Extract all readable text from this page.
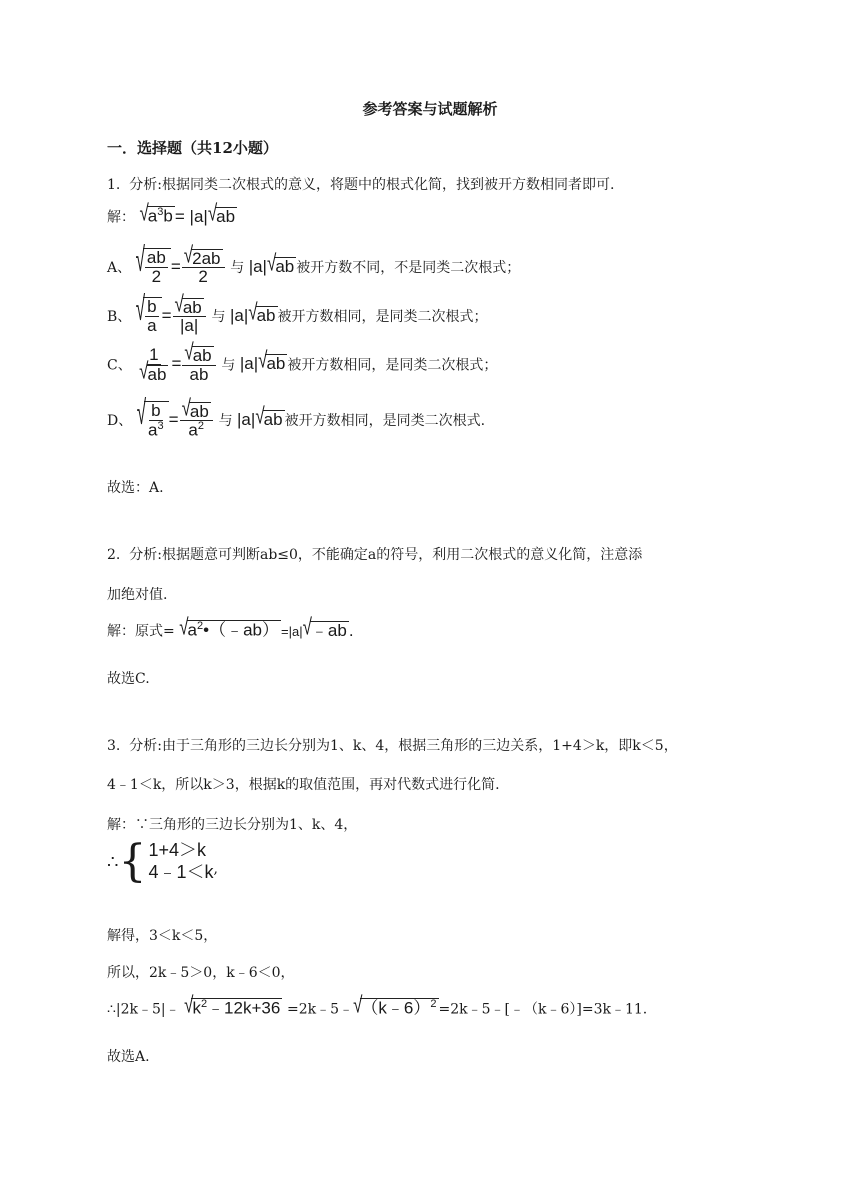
参考答案与试题解析
一．选择题（共12小题）
1.  分析:根据同类二次根式的意义，将题中的根式化简，找到被开方数相同者即可.
解： $√a^3b = |a|√ab$
A、 √ $\frac{ab}{2} = \frac{√2ab}{2}$ 与 |a|√ab 被开方数不同，不是同类二次根式；
B、 √ $\frac{b}{a} = \frac{√ab}{|a|}$ 与 |a|√ab 被开方数相同，是同类二次根式；
C、 $\frac{1}{√ab} = \frac{√ab}{ab}$ 与 |a|√ab 被开方数相同，是同类二次根式；
D、 √ $\frac{b}{a^3} = \frac{√ab}{a^2}$ 与 |a|√ab 被开方数相同，是同类二次根式.
故选：A.
2.  分析:根据题意可判断ab≤0，不能确定a的符号，利用二次根式的意义化简，注意添
加绝对值.
解：原式= $√a^2•(﹣ab)$ =|a|√﹣ab .
故选C.
3.  分析:由于三角形的三边长分别为1、k、4，根据三角形的三边关系，1+4＞k，即k＜5，
4﹣1＜k，所以k＞3，根据k的取值范围，再对代数式进行化简.
解：∵三角形的三边长分别为1、k、4，
∴ { 1+4＞k
4﹣1＜k ,
解得，3＜k＜5，
所以，2k﹣5＞0，k﹣6＜0，
∴|2k﹣5|﹣ $√k^2﹣12k+36$ =2k﹣5﹣√（k﹣6）$^2$ =2k﹣5﹣[﹣（k﹣6）]=3k﹣11.
故选A.
